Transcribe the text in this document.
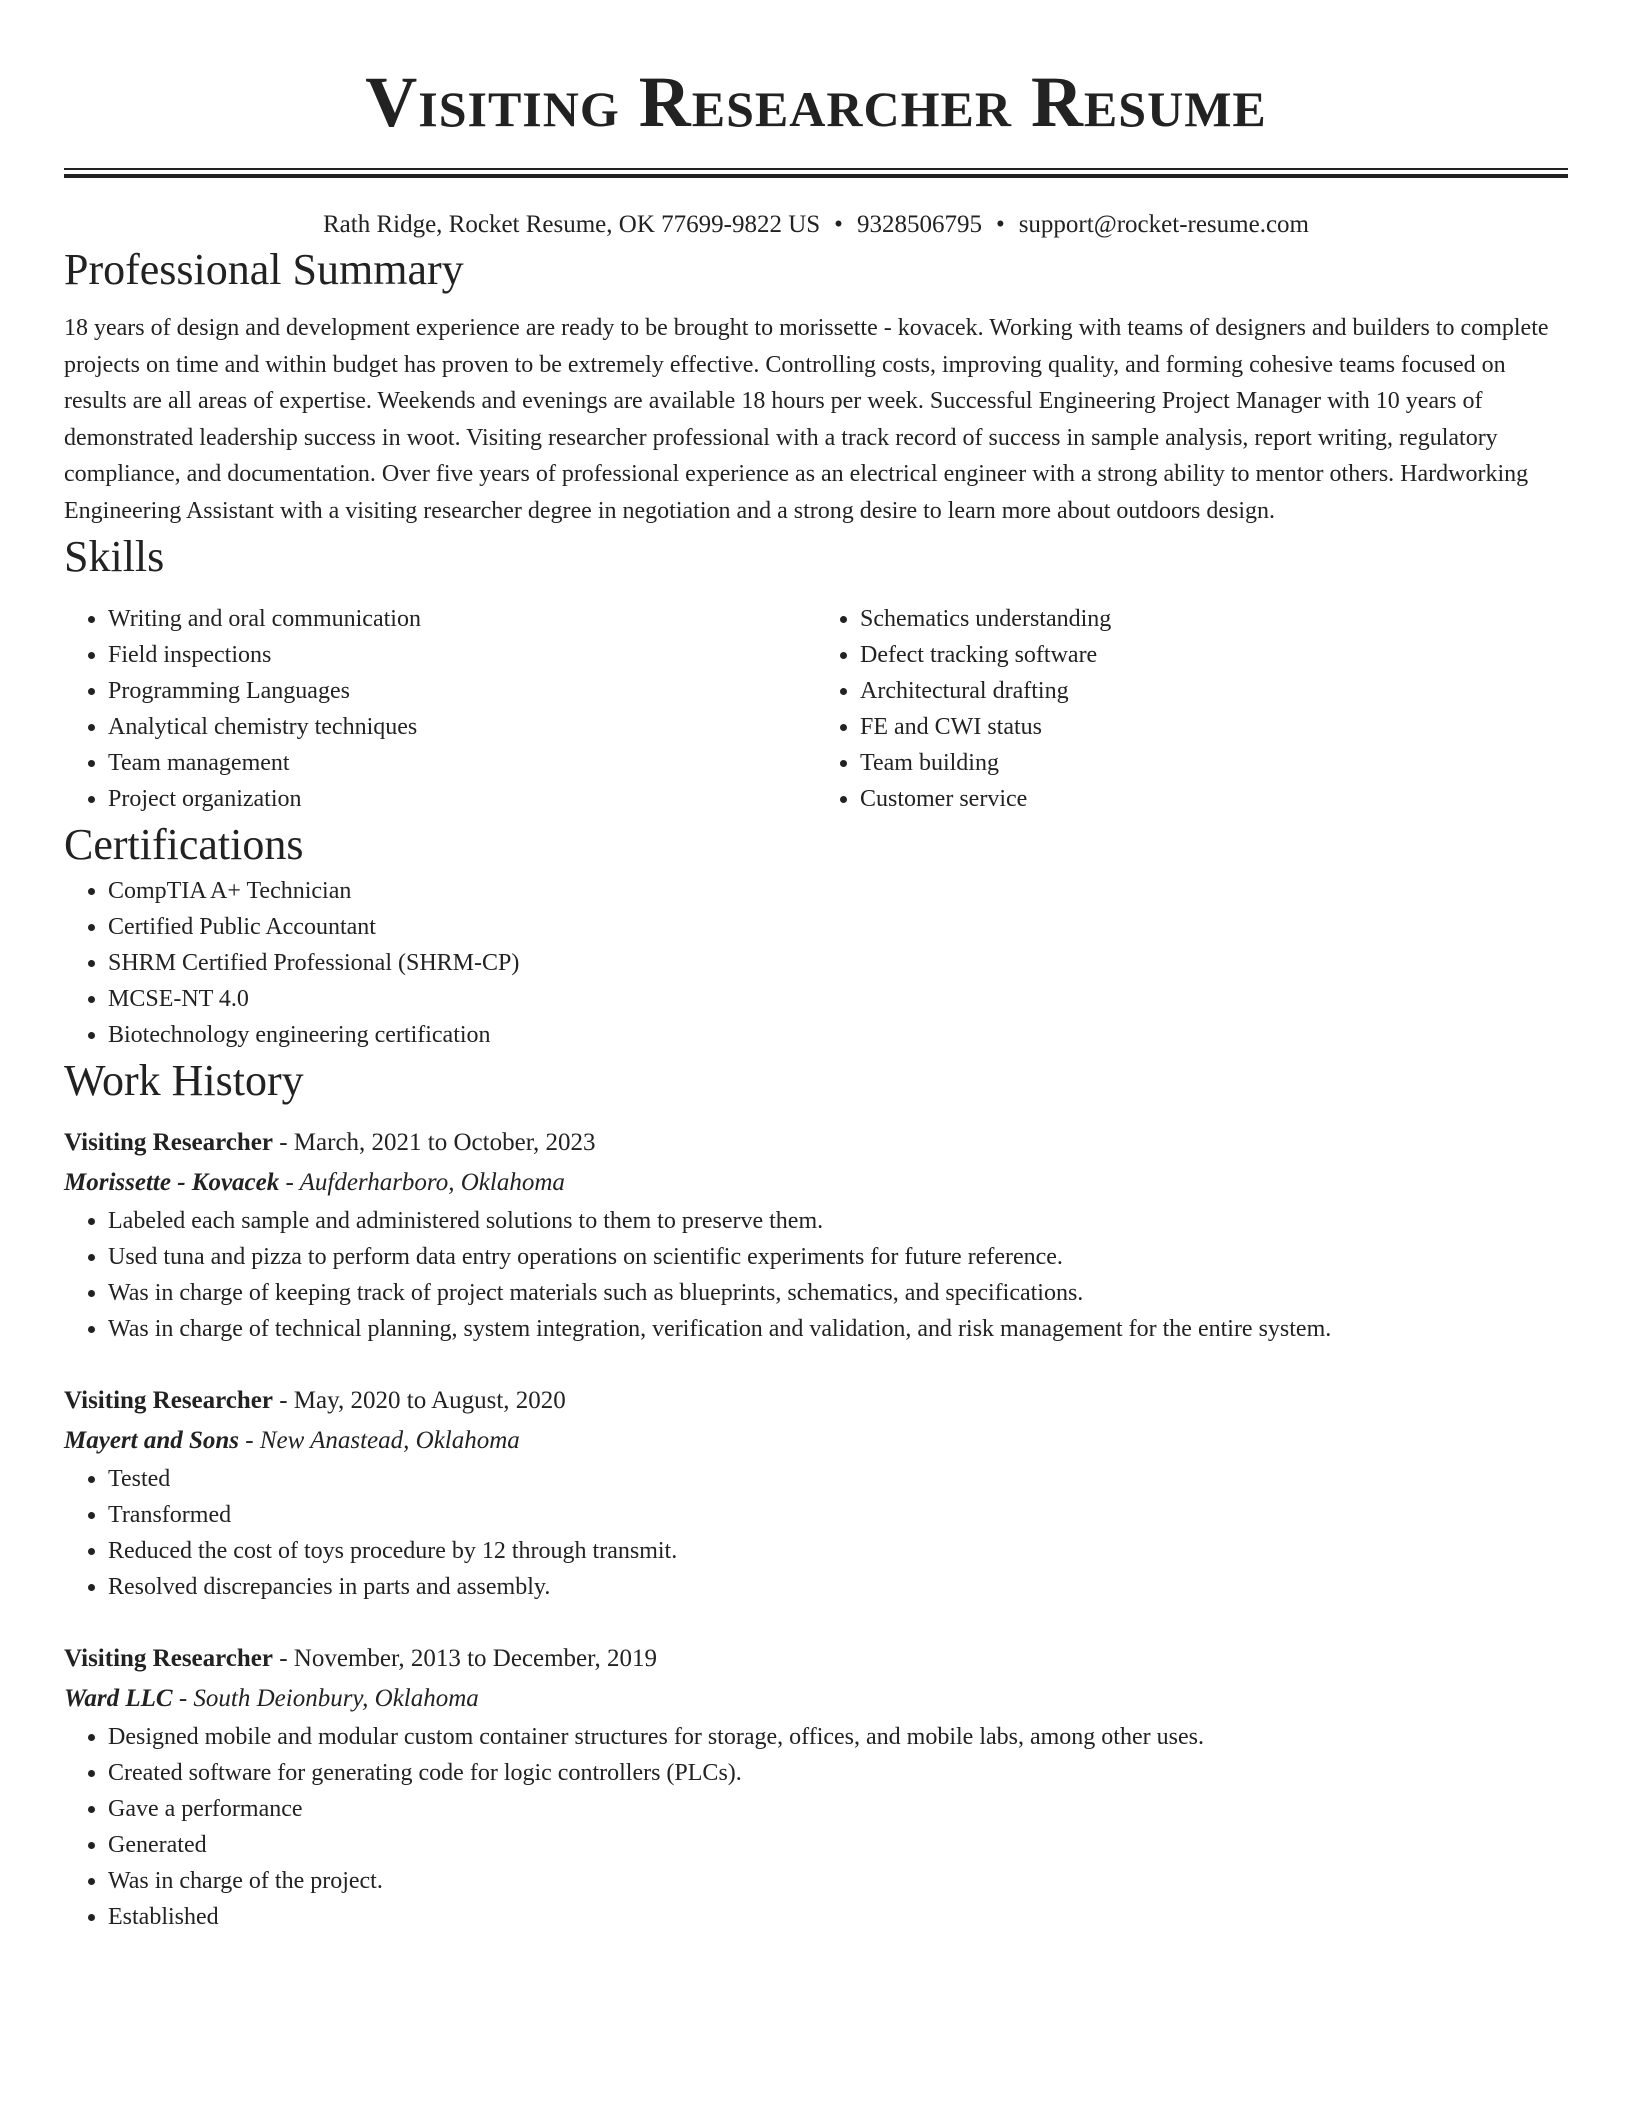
Visiting Researcher Resume
Rath Ridge, Rocket Resume, OK 77699-9822 US • 9328506795 • support@rocket-resume.com
Professional Summary

18 years of design and development experience are ready to be brought to morissette - kovacek. Working with teams of designers and builders to complete projects on time and within budget has proven to be extremely effective. Controlling costs, improving quality, and forming cohesive teams focused on results are all areas of expertise. Weekends and evenings are available 18 hours per week. Successful Engineering Project Manager with 10 years of demonstrated leadership success in woot. Visiting researcher professional with a track record of success in sample analysis, report writing, regulatory compliance, and documentation. Over five years of professional experience as an electrical engineer with a strong ability to mentor others. Hardworking Engineering Assistant with a visiting researcher degree in negotiation and a strong desire to learn more about outdoors design.

Skills
• Writing and oral communication
• Field inspections
• Programming Languages
• Analytical chemistry techniques
• Team management
• Project organization
• Schematics understanding
• Defect tracking software
• Architectural drafting
• FE and CWI status
• Team building
• Customer service
Certifications
• CompTIA A+ Technician
• Certified Public Accountant
• SHRM Certified Professional (SHRM-CP)
• MCSE-NT 4.0
• Biotechnology engineering certification
Work History
Visiting Researcher - March, 2021 to October, 2023
Morissette - Kovacek - Aufderharboro, Oklahoma
• Labeled each sample and administered solutions to them to preserve them.
• Used tuna and pizza to perform data entry operations on scientific experiments for future reference.
• Was in charge of keeping track of project materials such as blueprints, schematics, and specifications.
• Was in charge of technical planning, system integration, verification and validation, and risk management for the entire system.
Visiting Researcher - May, 2020 to August, 2020
Mayert and Sons - New Anastead, Oklahoma
• Tested
• Transformed
• Reduced the cost of toys procedure by 12 through transmit.
• Resolved discrepancies in parts and assembly.
Visiting Researcher - November, 2013 to December, 2019
Ward LLC - South Deionbury, Oklahoma
• Designed mobile and modular custom container structures for storage, offices, and mobile labs, among other uses.
• Created software for generating code for logic controllers (PLCs).
• Gave a performance
• Generated
• Was in charge of the project.
• Established
